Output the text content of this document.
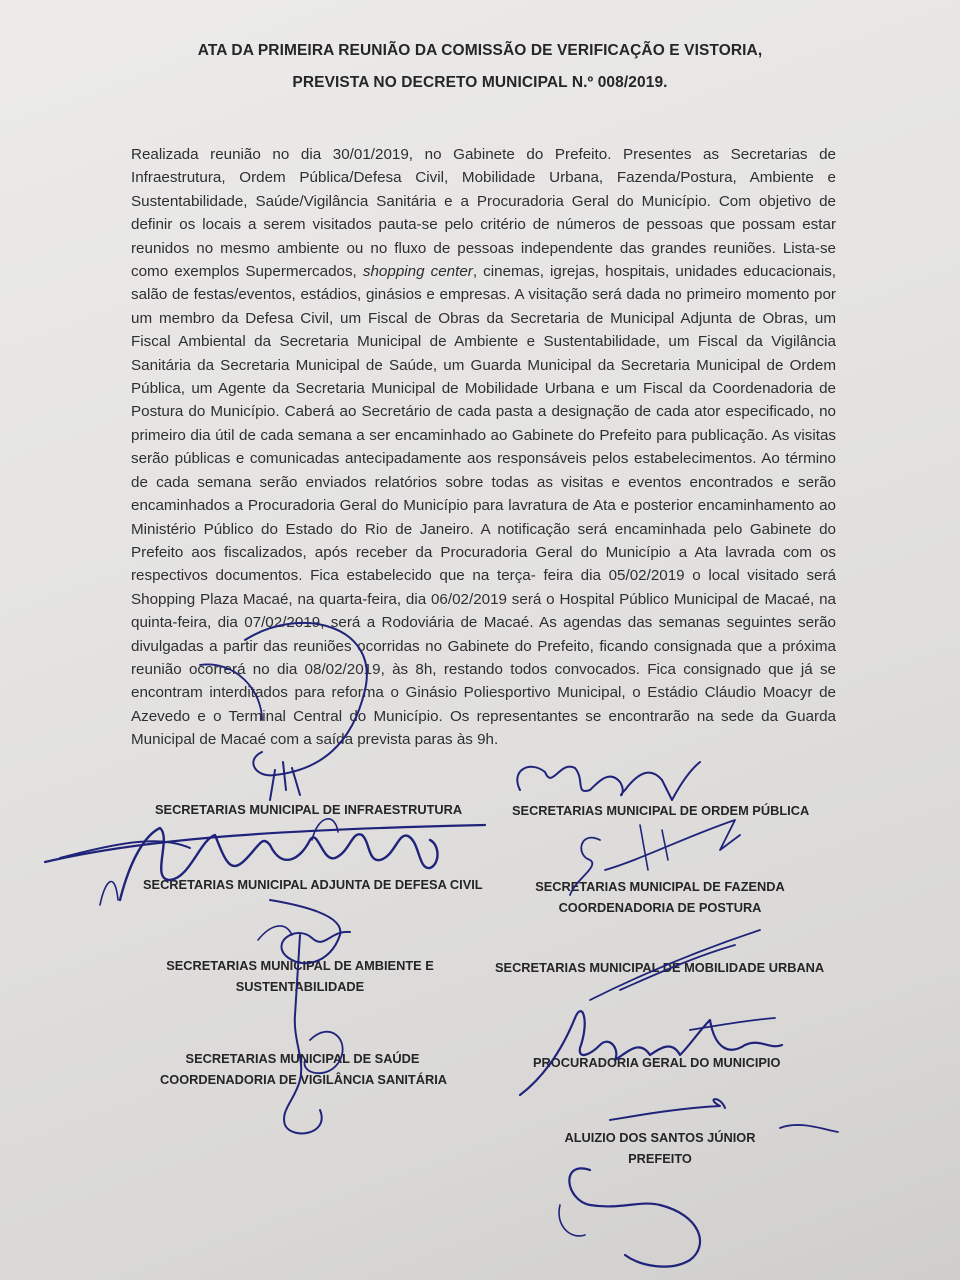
ATA DA PRIMEIRA REUNIÃO DA COMISSÃO DE VERIFICAÇÃO E VISTORIA,
PREVISTA NO DECRETO MUNICIPAL N.º 008/2019.
Realizada reunião no dia 30/01/2019, no Gabinete do Prefeito. Presentes as Secretarias de Infraestrutura, Ordem Pública/Defesa Civil, Mobilidade Urbana, Fazenda/Postura, Ambiente e Sustentabilidade, Saúde/Vigilância Sanitária e a Procuradoria Geral do Município. Com objetivo de definir os locais a serem visitados pauta-se pelo critério de números de pessoas que possam estar reunidos no mesmo ambiente ou no fluxo de pessoas independente das grandes reuniões. Lista-se como exemplos Supermercados, shopping center, cinemas, igrejas, hospitais, unidades educacionais, salão de festas/eventos, estádios, ginásios e empresas. A visitação será dada no primeiro momento por um membro da Defesa Civil, um Fiscal de Obras da Secretaria de Municipal Adjunta de Obras, um Fiscal Ambiental da Secretaria Municipal de Ambiente e Sustentabilidade, um Fiscal da Vigilância Sanitária da Secretaria Municipal de Saúde, um Guarda Municipal da Secretaria Municipal de Ordem Pública, um Agente da Secretaria Municipal de Mobilidade Urbana e um Fiscal da Coordenadoria de Postura do Município. Caberá ao Secretário de cada pasta a designação de cada ator especificado, no primeiro dia útil de cada semana a ser encaminhado ao Gabinete do Prefeito para publicação. As visitas serão públicas e comunicadas antecipadamente aos responsáveis pelos estabelecimentos. Ao término de cada semana serão enviados relatórios sobre todas as visitas e eventos encontrados e serão encaminhados a Procuradoria Geral do Município para lavratura de Ata e posterior encaminhamento ao Ministério Público do Estado do Rio de Janeiro. A notificação será encaminhada pelo Gabinete do Prefeito aos fiscalizados, após receber da Procuradoria Geral do Município a Ata lavrada com os respectivos documentos. Fica estabelecido que na terça- feira dia 05/02/2019 o local visitado será Shopping Plaza Macaé, na quarta-feira, dia 06/02/2019 será o Hospital Público Municipal de Macaé, na quinta-feira, dia 07/02/2019, será a Rodoviária de Macaé. As agendas das semanas seguintes serão divulgadas a partir das reuniões ocorridas no Gabinete do Prefeito, ficando consignada que a próxima reunião ocorrerá no dia 08/02/2019, às 8h, restando todos convocados. Fica consignado que já se encontram interditados para reforma o Ginásio Poliesportivo Municipal, o Estádio Cláudio Moacyr de Azevedo e o Terminal Central do Município. Os representantes se encontrarão na sede da Guarda Municipal de Macaé com a saída prevista paras às 9h.
SECRETARIAS MUNICIPAL DE INFRAESTRUTURA	SECRETARIAS MUNICIPAL DE ORDEM PÚBLICA
SECRETARIAS MUNICIPAL ADJUNTA DE DEFESA CIVIL	SECRETARIAS MUNICIPAL DE FAZENDA
COORDENADORIA DE POSTURA
SECRETARIAS MUNICIPAL DE AMBIENTE E
SUSTENTABILIDADE
SECRETARIAS MUNICIPAL DE MOBILIDADE URBANA
SECRETARIAS MUNICIPAL DE SAÚDE
COORDENADORIA DE VIGILÂNCIA SANITÁRIA
PROCURADORIA GERAL DO MUNICIPIO
ALUIZIO DOS SANTOS JÚNIOR
PREFEITO
